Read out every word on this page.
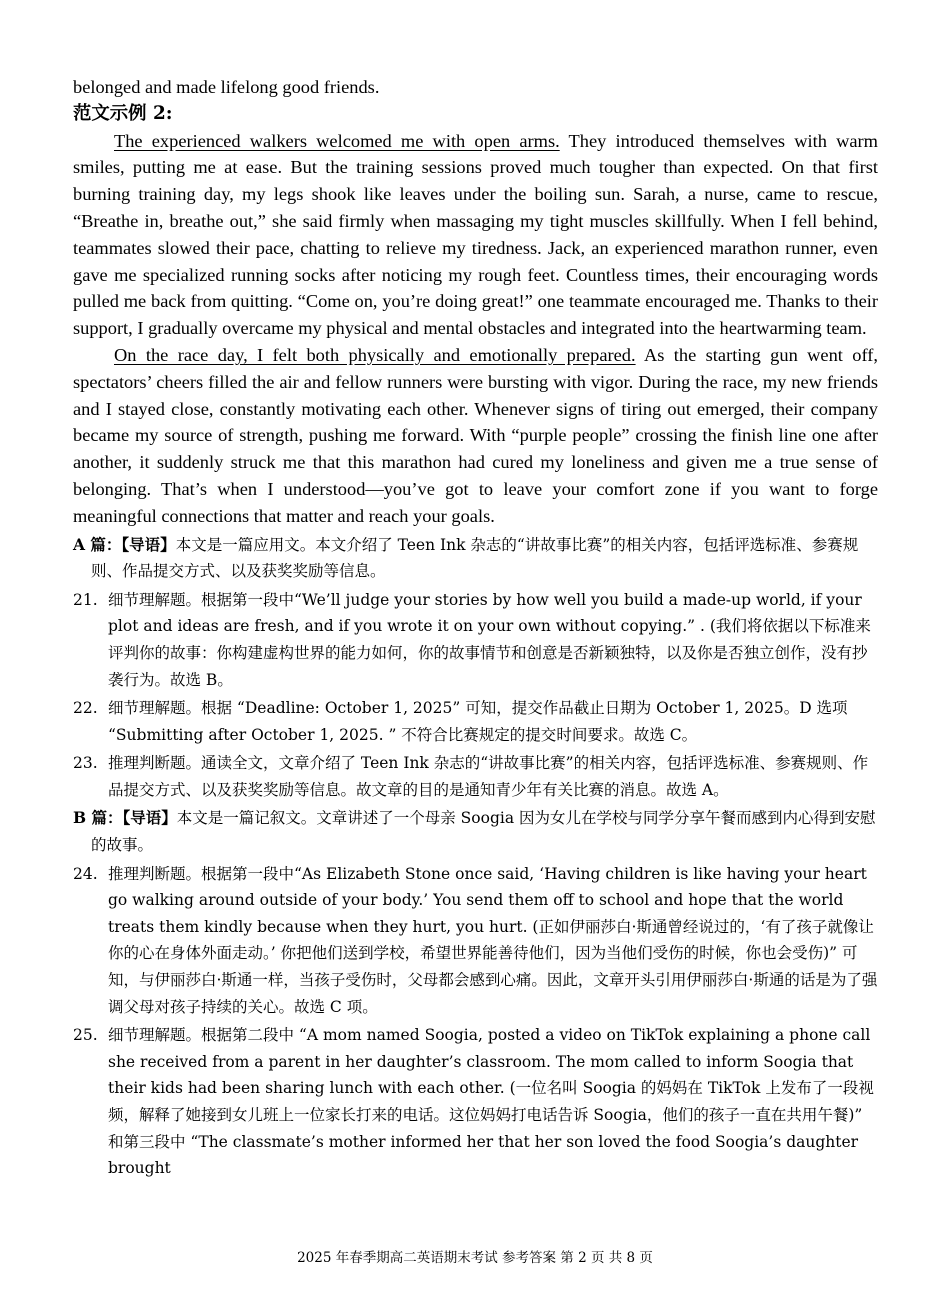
belonged and made lifelong good friends.

范文示例 2:

The experienced walkers welcomed me with open arms. They introduced themselves with warm smiles, putting me at ease. But the training sessions proved much tougher than expected. On that first burning training day, my legs shook like leaves under the boiling sun. Sarah, a nurse, came to rescue, “Breathe in, breathe out,” she said firmly when massaging my tight muscles skillfully. When I fell behind, teammates slowed their pace, chatting to relieve my tiredness. Jack, an experienced marathon runner, even gave me specialized running socks after noticing my rough feet. Countless times, their encouraging words pulled me back from quitting. “Come on, you’re doing great!” one teammate encouraged me. Thanks to their support, I gradually overcame my physical and mental obstacles and integrated into the heartwarming team.

On the race day, I felt both physically and emotionally prepared. As the starting gun went off, spectators’ cheers filled the air and fellow runners were bursting with vigor. During the race, my new friends and I stayed close, constantly motivating each other. Whenever signs of tiring out emerged, their company became my source of strength, pushing me forward. With “purple people” crossing the finish line one after another, it suddenly struck me that this marathon had cured my loneliness and given me a true sense of belonging. That’s when I understood—you’ve got to leave your comfort zone if you want to forge meaningful connections that matter and reach your goals.

A 篇：【导语】本文是一篇应用文。本文介绍了 Teen Ink 杂志的“讲故事比赛”的相关内容，包括评选标准、参赛规则、作品提交方式、以及获奖奖励等信息。

21. 细节理解题。根据第一段中“We’ll judge your stories by how well you build a made-up world, if your plot and ideas are fresh, and if you wrote it on your own without copying.” . (我们将依据以下标准来评判你的故事：你构建虚构世界的能力如何，你的故事情节和创意是否新颖独特，以及你是否独立创作，没有抄袭行为。故选 B。

22. 细节理解题。根据 “Deadline: October 1, 2025” 可知，提交作品截止日期为 October 1, 2025。D 选项 “Submitting after October 1, 2025. ” 不符合比赛规定的提交时间要求。故选 C。

23. 推理判断题。通读全文，文章介绍了 Teen Ink 杂志的“讲故事比赛”的相关内容，包括评选标准、参赛规则、作品提交方式、以及获奖奖励等信息。故文章的目的是通知青少年有关比赛的消息。故选 A。

B 篇：【导语】本文是一篇记叙文。文章讲述了一个母亲 Soogia 因为女儿在学校与同学分享午餐而感到内心得到安慰的故事。

24. 推理判断题。根据第一段中“As Elizabeth Stone once said, ‘Having children is like having your heart go walking around outside of your body.’ You send them off to school and hope that the world treats them kindly because when they hurt, you hurt. (正如伊丽莎白·斯通曾经说过的，‘有了孩子就像让你的心在身体外面走动。’ 你把他们送到学校，希望世界能善待他们，因为当他们受伤的时候，你也会受伤)” 可知，与伊丽莎白·斯通一样，当孩子受伤时，父母都会感到心痛。因此，文章开头引用伊丽莎白·斯通的话是为了强调父母对孩子持续的关心。故选 C 项。

25. 细节理解题。根据第二段中 “A mom named Soogia, posted a video on TikTok explaining a phone call she received from a parent in her daughter’s classroom. The mom called to inform Soogia that their kids had been sharing lunch with each other. (一位名叫 Soogia 的妈妈在 TikTok 上发布了一段视频，解释了她接到女儿班上一位家长打来的电话。这位妈妈打电话告诉 Soogia，他们的孩子一直在共用午餐)” 和第三段中 “The classmate’s mother informed her that her son loved the food Soogia’s daughter brought

2025 年春季期高二英语期末考试 参考答案 第 2 页 共 8 页
